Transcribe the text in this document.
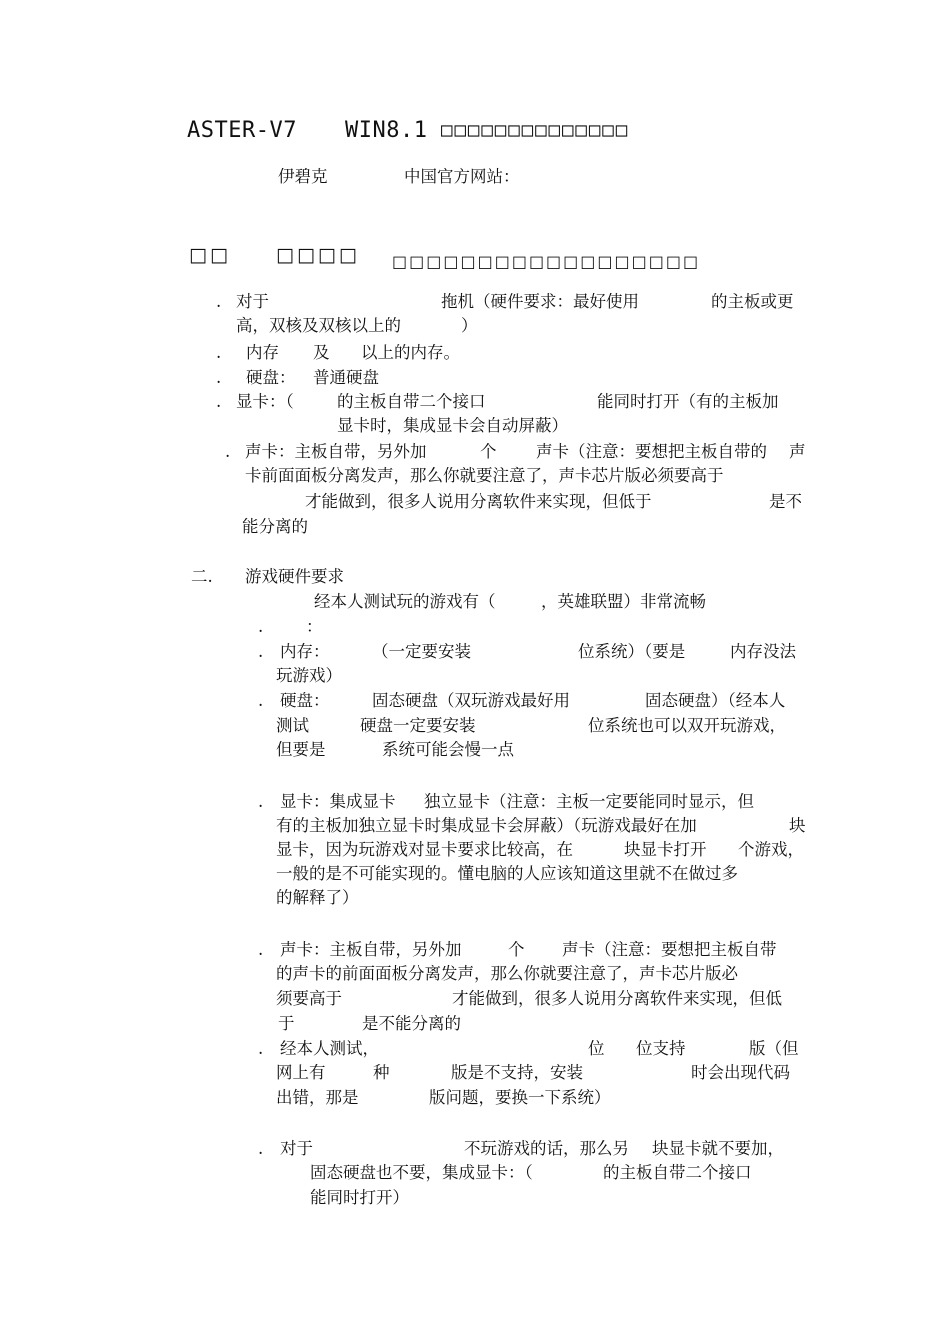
ASTER-V7 WIN8.1 □□□□□□□□□□□□□□
伊碧克	中国官方网站：
□□ □□□□ □□□□□□□□□□□□□□□□□□
. 对于	拖机（硬件要求：最好使用	的主板或更
高，双核及双核以上的	）
. 内存 及 以上的内存。
. 硬盘： 普通硬盘
. 显卡：（	的主板自带二个接口	能同时打开（有的主板加
显卡时，集成显卡会自动屏蔽）
. 声卡：主板自带，另外加	个 声卡（注意：要想把主板自带的 声
卡前面面板分离发声，那么你就要注意了，声卡芯片版必须要高于
才能做到，很多人说用分离软件来实现，但低于	是不
能分离的
二. 游戏硬件要求
经本人测试玩的游戏有（	，英雄联盟）非常流畅
.	：
. 内存：	（一定要安装	位系统）（要是	内存没法
玩游戏）
. 硬盘：	固态硬盘（双玩游戏最好用	固态硬盘）（经本人
测试	硬盘一定要安装	位系统也可以双开玩游戏，
但要是	系统可能会慢一点
. 显卡：集成显卡 独立显卡（注意：主板一定要能同时显示，但
有的主板加独立显卡时集成显卡会屏蔽）（玩游戏最好在加	块
显卡，因为玩游戏对显卡要求比较高，在	块显卡打开 个游戏，
一般的是不可能实现的。懂电脑的人应该知道这里就不在做过多
的解释了）
. 声卡：主板自带，另外加	个 声卡（注意：要想把主板自带
的声卡的前面面板分离发声，那么你就要注意了，声卡芯片版必
须要高于	才能做到，很多人说用分离软件来实现，但低
于	是不能分离的
. 经本人测试，	位 位支持	版（但
网上有	种	版是不支持，安装	时会出现代码
出错，那是	版问题，要换一下系统）
. 对于	不玩游戏的话，那么另 块显卡就不要加，
固态硬盘也不要，集成显卡：（	的主板自带二个接口
能同时打开）
